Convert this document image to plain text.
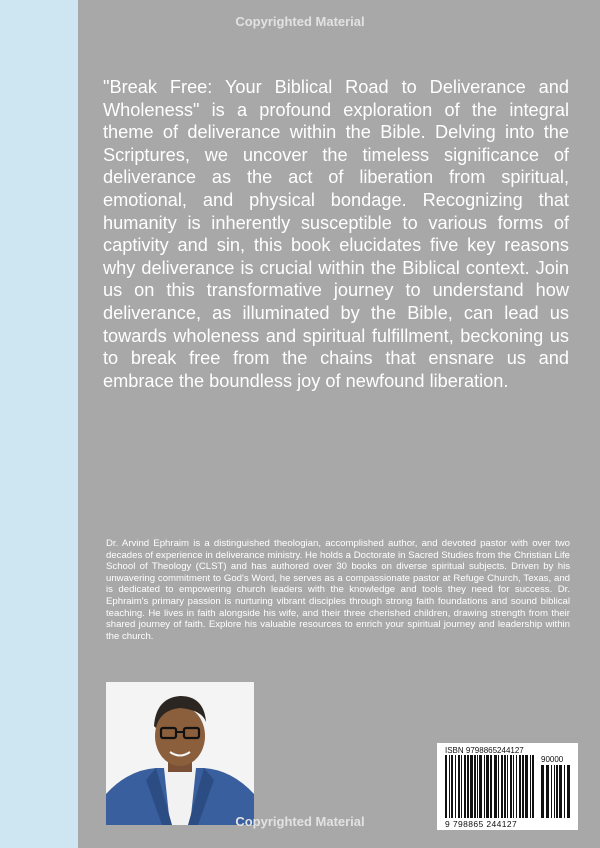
Copyrighted Material

"Break Free: Your Biblical Road to Deliverance and Wholeness" is a profound exploration of the integral theme of deliverance within the Bible. Delving into the Scriptures, we uncover the timeless significance of deliverance as the act of liberation from spiritual, emotional, and physical bondage. Recognizing that humanity is inherently susceptible to various forms of captivity and sin, this book elucidates five key reasons why deliverance is crucial within the Biblical context. Join us on this transformative journey to understand how deliverance, as illuminated by the Bible, can lead us towards wholeness and spiritual fulfillment, beckoning us to break free from the chains that ensnare us and embrace the boundless joy of newfound liberation.

Dr. Arvind Ephraim is a distinguished theologian, accomplished author, and devoted pastor with over two decades of experience in deliverance ministry. He holds a Doctorate in Sacred Studies from the Christian Life School of Theology (CLST) and has authored over 30 books on diverse spiritual subjects. Driven by his unwavering commitment to God's Word, he serves as a compassionate pastor at Refuge Church, Texas, and is dedicated to empowering church leaders with the knowledge and tools they need for success. Dr. Ephraim's primary passion is nurturing vibrant disciples through strong faith foundations and sound biblical teaching. He lives in faith alongside his wife, and their three cherished children, drawing strength from their shared journey of faith. Explore his valuable resources to enrich your spiritual journey and leadership within the church.

ISBN 9798865244127
90000
9 798865 244127
Copyrighted Material
